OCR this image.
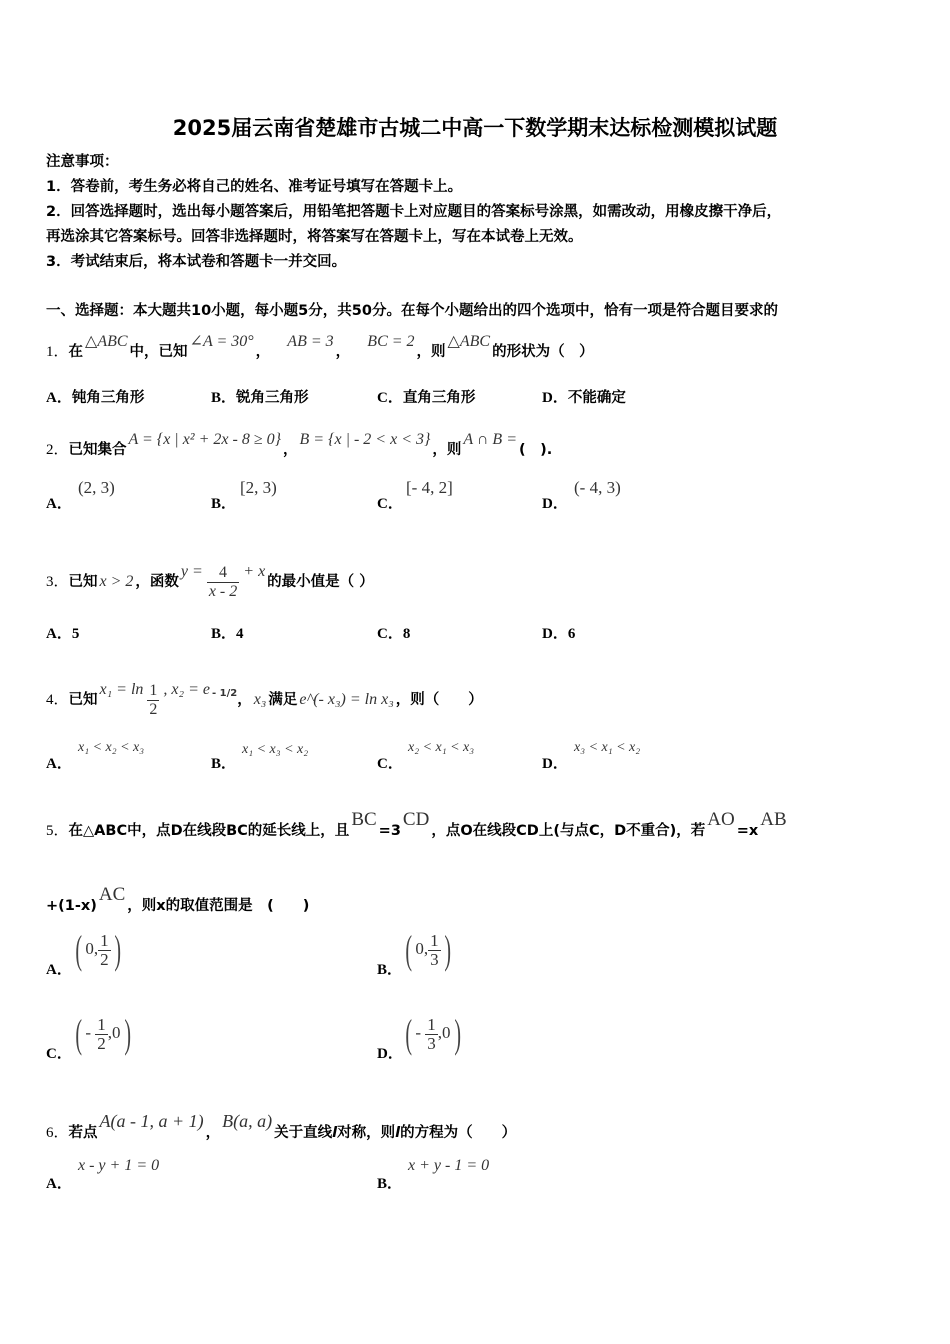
2025届云南省楚雄市古城二中高一下数学期末达标检测模拟试题
注意事项：
1．答卷前，考生务必将自己的姓名、准考证号填写在答题卡上。
2．回答选择题时，选出每小题答案后，用铅笔把答题卡上对应题目的答案标号涂黑，如需改动，用橡皮擦干净后，
再选涂其它答案标号。回答非选择题时，将答案写在答题卡上，写在本试卷上无效。
3．考试结束后，将本试卷和答题卡一并交回。
一、选择题：本大题共10小题，每小题5分，共50分。在每个小题给出的四个选项中，恰有一项是符合题目要求的
1．在△ABC中，已知∠A = 30°，   AB = 3，   BC = 2，则△ABC的形状为（　）
A．钝角三角形	B．锐角三角形	C．直角三角形	D．不能确定
2．已知集合A = {x | x² + 2x - 8 ≥ 0}，B = {x | - 2 < x < 3}，则A ∩ B =(　).
A．
(2, 3)
B．
[2, 3)
C．
[- 4, 2]
D．
(- 4, 3)
3．已知 x > 2 ，函数$y = \frac{4}{x - 2} + x$的最小值是（ ）
A．5	B．4	C．8	D．6
4．已知$x_1 = \ln \frac{1}{2}$ , x₂ = e $^{- 1/2}$， x₃ 满足 e^(- x₃) = ln x₃ ，则（　　）
A．
x₁ < x₂ < x₃
B．
x₁ < x₃ < x₂
C．
x₂ < x₁ < x₃
D．
x₃ < x₁ < x₂
5．在△ABC中，点D在线段BC的延长线上，且BC=3CD，点O在线段CD上(与点C，D不重合)，若AO=xAB
+(1-x)AC，则x的取值范围是　(　　)
A． ( 0, $\frac{1}{2}$ )	B． ( 0, $\frac{1}{3}$ )
C． ( - $\frac{1}{2} ,0$)	D． ( - $\frac{1}{3} ,0$)
6．若点A(a - 1, a + 1)，B(a, a)关于直线l对称，则l的方程为（　　）
A．
x - y + 1 = 0
B．
x + y - 1 = 0
